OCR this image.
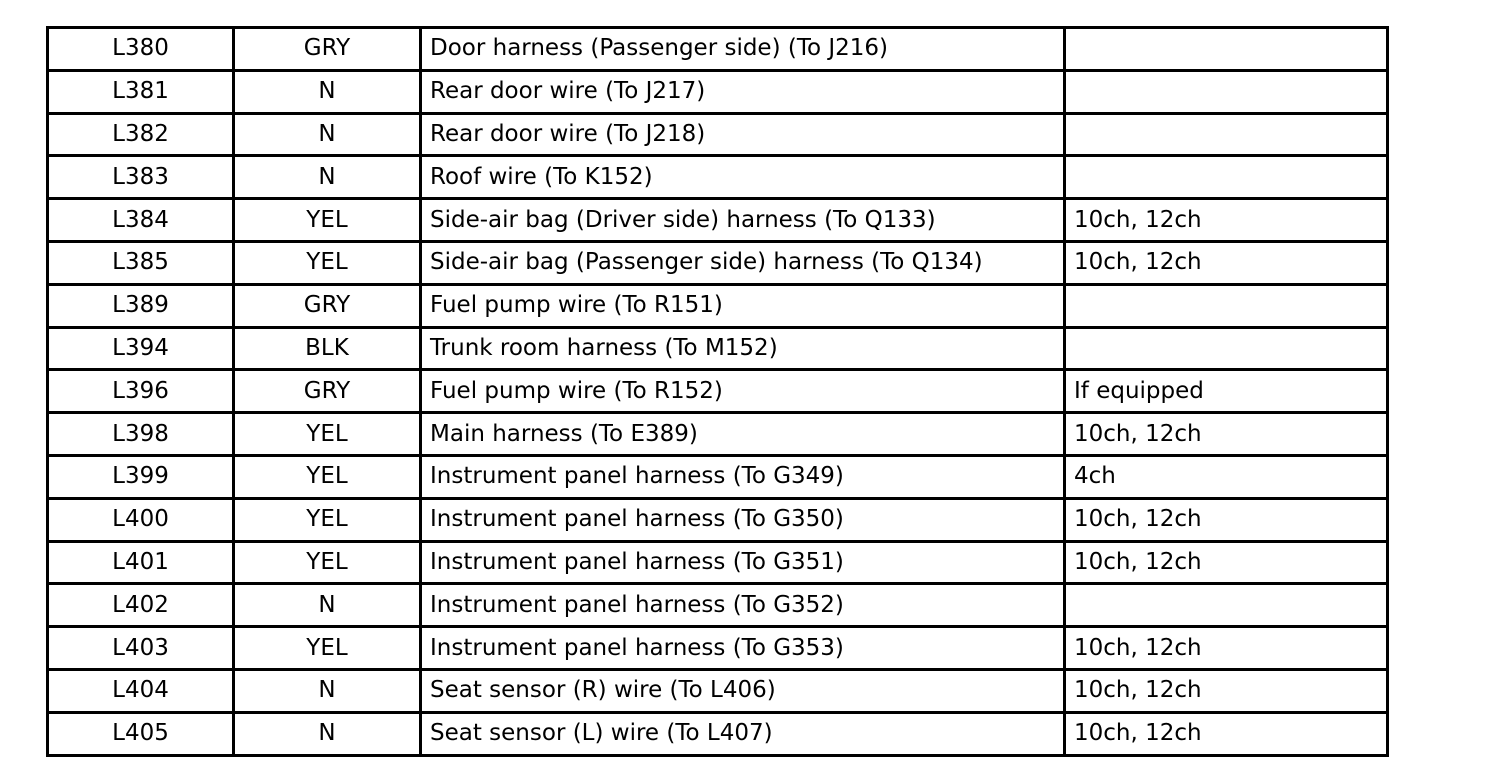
L380	GRY	Door harness (Passenger side) (To J216)	
L381	N	Rear door wire (To J217)	
L382	N	Rear door wire (To J218)	
L383	N	Roof wire (To K152)	
L384	YEL	Side-air bag (Driver side) harness (To Q133)	10ch, 12ch
L385	YEL	Side-air bag (Passenger side) harness (To Q134)	10ch, 12ch
L389	GRY	Fuel pump wire (To R151)	
L394	BLK	Trunk room harness (To M152)	
L396	GRY	Fuel pump wire (To R152)	If equipped
L398	YEL	Main harness (To E389)	10ch, 12ch
L399	YEL	Instrument panel harness (To G349)	4ch
L400	YEL	Instrument panel harness (To G350)	10ch, 12ch
L401	YEL	Instrument panel harness (To G351)	10ch, 12ch
L402	N	Instrument panel harness (To G352)	
L403	YEL	Instrument panel harness (To G353)	10ch, 12ch
L404	N	Seat sensor (R) wire (To L406)	10ch, 12ch
L405	N	Seat sensor (L) wire (To L407)	10ch, 12ch
